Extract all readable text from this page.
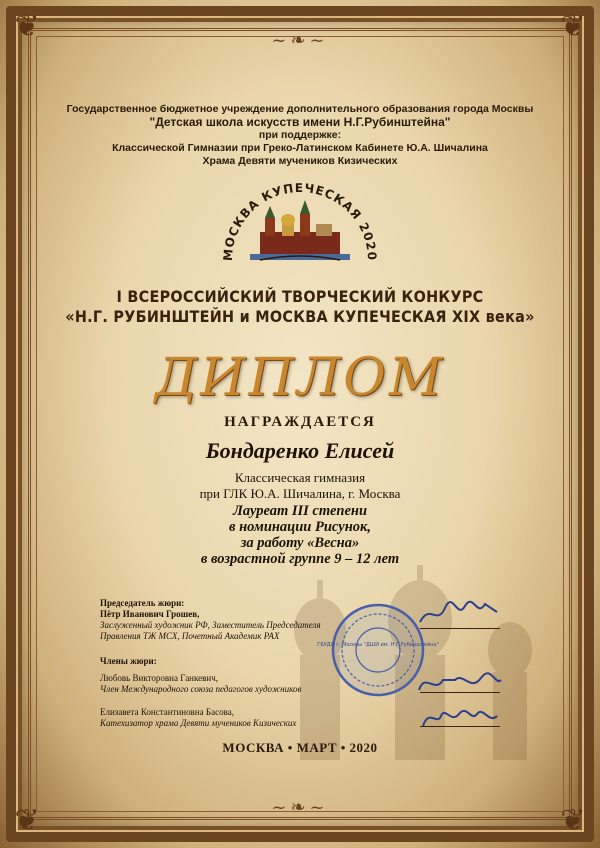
❦	❦
❦	❦
~❧~
~❧~
Государственное бюджетное учреждение дополнительного образования города Москвы
"Детская школа искусств имени Н.Г.Рубинштейна"
при поддержке:
Классической Гимназии при Греко-Латинском Кабинете Ю.А. Шичалина
Храма Девяти мучеников Кизических
МОСКВА КУПЕЧЕСКАЯ 2020
I ВСЕРОССИЙСКИЙ ТВОРЧЕСКИЙ КОНКУРС
«Н.Г. РУБИНШТЕЙН и МОСКВА КУПЕЧЕСКАЯ XIX века»
ДИПЛОМ
НАГРАЖДАЕТСЯ
Бондаренко Елисей
Классическая гимназия
при ГЛК Ю.А. Шичалина, г. Москва
Лауреат III степени
в номинации Рисунок,
за работу «Весна»
в возрастной группе 9 – 12 лет
Председатель жюри:
Пётр Иванович Грошев,
Заслуженный художник РФ, Заместитель Председателя
Правления ТЖ МСХ, Почетный Академик РАХ
Члены жюри:
Любовь Викторовна Ганкевич,
Член Международного союза педагогов художников
Елизавета Константиновна Басова,
Катехизатор храма Девяти мучеников Кизических
ГБУДО г. Москвы "ДШИ им. Н.Г.Рубинштейна"
МОСКВА • МАРТ • 2020
